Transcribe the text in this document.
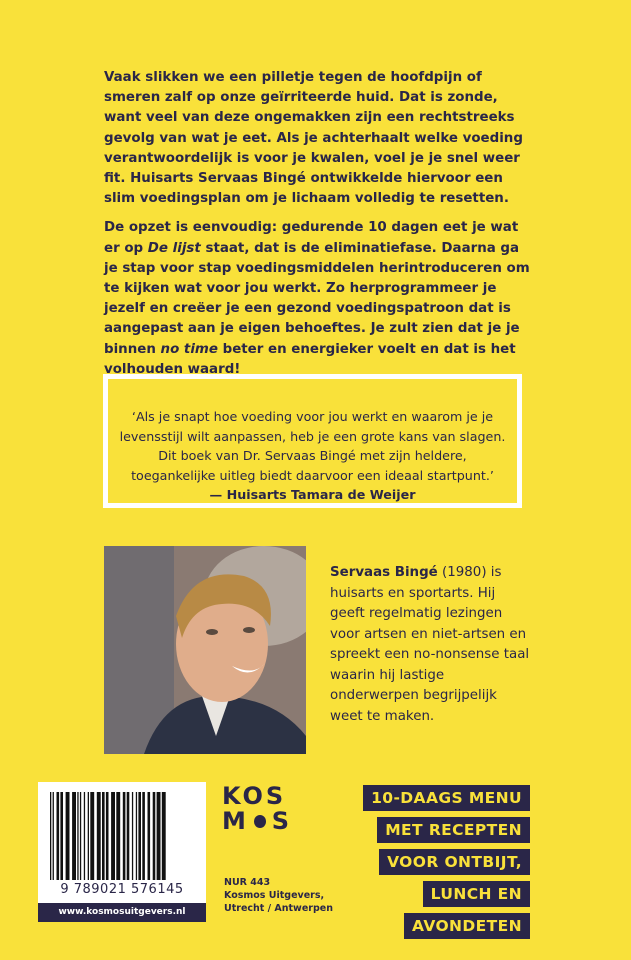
Vaak slikken we een pilletje tegen de hoofdpijn of smeren zalf op onze geïrriteerde huid. Dat is zonde, want veel van deze ongemakken zijn een rechtstreeks gevolg van wat je eet. Als je achterhaalt welke voeding verantwoordelijk is voor je kwalen, voel je je snel weer fit. Huisarts Servaas Bingé ontwikkelde hiervoor een slim voedingsplan om je lichaam volledig te resetten.

De opzet is eenvoudig: gedurende 10 dagen eet je wat er op De lijst staat, dat is de eliminatiefase. Daarna ga je stap voor stap voedingsmiddelen herintroduceren om te kijken wat voor jou werkt. Zo herprogrammeer je jezelf en creëer je een gezond voedingspatroon dat is aangepast aan je eigen behoeftes. Je zult zien dat je je binnen no time beter en energieker voelt en dat is het volhouden waard!

‘Als je snapt hoe voeding voor jou werkt en waarom je je
levensstijl wilt aanpassen, heb je een grote kans van slagen.
Dit boek van Dr. Servaas Bingé met zijn heldere,
toegankelijke uitleg biedt daarvoor een ideaal startpunt.’
— Huisarts Tamara de Weijer

Servaas Bingé (1980) is huisarts en sportarts. Hij geeft regelmatig lezingen voor artsen en niet-artsen en spreekt een no-nonsense taal waarin hij lastige onderwerpen begrijpelijk weet te maken.

9 789021 576145
www.kosmosuitgevers.nl
KOS
M S
NUR 443
Kosmos Uitgevers,
Utrecht / Antwerpen
10-DAAGS MENU
MET RECEPTEN
VOOR ONTBIJT,
LUNCH EN
AVONDETEN
